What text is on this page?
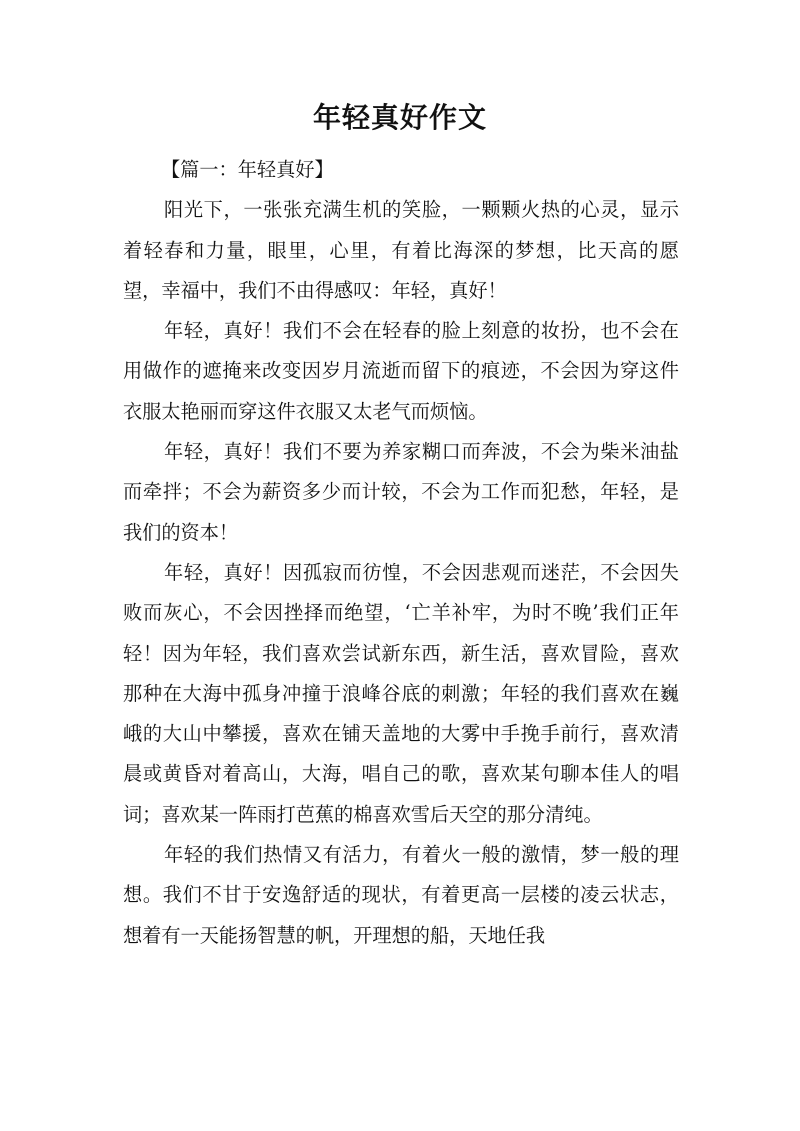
年轻真好作文

【篇一：年轻真好】

阳光下，一张张充满生机的笑脸，一颗颗火热的心灵，显示着轻春和力量，眼里，心里，有着比海深的梦想，比天高的愿望，幸福中，我们不由得感叹：年轻，真好！

年轻，真好！我们不会在轻春的脸上刻意的妆扮，也不会在用做作的遮掩来改变因岁月流逝而留下的痕迹，不会因为穿这件衣服太艳丽而穿这件衣服又太老气而烦恼。

年轻，真好！我们不要为养家糊口而奔波，不会为柴米油盐而牵拌；不会为薪资多少而计较，不会为工作而犯愁，年轻，是我们的资本！

年轻，真好！因孤寂而彷惶，不会因悲观而迷茫，不会因失败而灰心，不会因挫择而绝望，‘亡羊补牢，为时不晚’我们正年轻！因为年轻，我们喜欢尝试新东西，新生活，喜欢冒险，喜欢那种在大海中孤身冲撞于浪峰谷底的刺激；年轻的我们喜欢在巍峨的大山中攀援，喜欢在铺天盖地的大雾中手挽手前行，喜欢清晨或黄昏对着高山，大海，唱自己的歌，喜欢某句聊本佳人的唱词；喜欢某一阵雨打芭蕉的棉喜欢雪后天空的那分清纯。

年轻的我们热情又有活力，有着火一般的激情，梦一般的理想。我们不甘于安逸舒适的现状，有着更高一层楼的凌云状志，想着有一天能扬智慧的帆，开理想的船，天地任我
